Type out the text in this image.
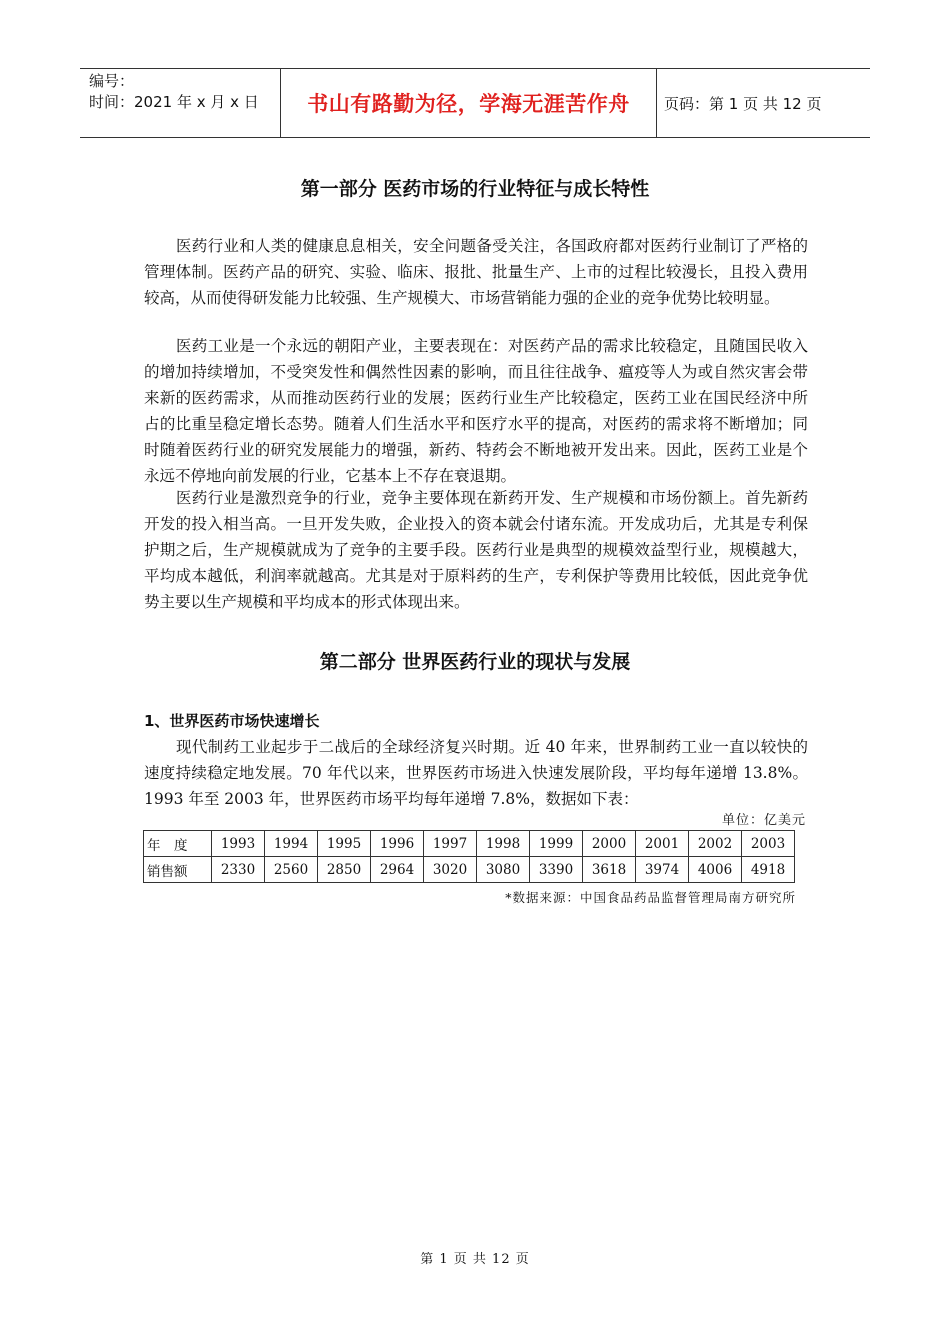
编号：
时间：2021 年 x 月 x 日	书山有路勤为径，学海无涯苦作舟	页码：第 1 页 共 12 页
第一部分 医药市场的行业特征与成长特性

医药行业和人类的健康息息相关，安全问题备受关注，各国政府都对医药行业制订了严格的管理体制。医药产品的研究、实验、临床、报批、批量生产、上市的过程比较漫长，且投入费用较高，从而使得研发能力比较强、生产规模大、市场营销能力强的企业的竞争优势比较明显。

医药工业是一个永远的朝阳产业，主要表现在：对医药产品的需求比较稳定，且随国民收入的增加持续增加，不受突发性和偶然性因素的影响，而且往往战争、瘟疫等人为或自然灾害会带来新的医药需求，从而推动医药行业的发展；医药行业生产比较稳定，医药工业在国民经济中所占的比重呈稳定增长态势。随着人们生活水平和医疗水平的提高，对医药的需求将不断增加；同时随着医药行业的研究发展能力的增强，新药、特药会不断地被开发出来。因此，医药工业是个永远不停地向前发展的行业，它基本上不存在衰退期。

医药行业是激烈竞争的行业，竞争主要体现在新药开发、生产规模和市场份额上。首先新药开发的投入相当高。一旦开发失败，企业投入的资本就会付诸东流。开发成功后，尤其是专利保护期之后，生产规模就成为了竞争的主要手段。医药行业是典型的规模效益型行业，规模越大，平均成本越低，利润率就越高。尤其是对于原料药的生产，专利保护等费用比较低，因此竞争优势主要以生产规模和平均成本的形式体现出来。

第二部分 世界医药行业的现状与发展
1、世界医药市场快速增长

现代制药工业起步于二战后的全球经济复兴时期。近 40 年来，世界制药工业一直以较快的速度持续稳定地发展。70 年代以来，世界医药市场进入快速发展阶段，平均每年递增 13.8%。1993 年至 2003 年，世界医药市场平均每年递增 7.8%，数据如下表：

单位：亿美元
年　度	1993	1994	1995	1996	1997	1998	1999	2000	2001	2002	2003
销售额	2330	2560	2850	2964	3020	3080	3390	3618	3974	4006	4918
*数据来源：中国食品药品监督管理局南方研究所
第 1 页 共 12 页
